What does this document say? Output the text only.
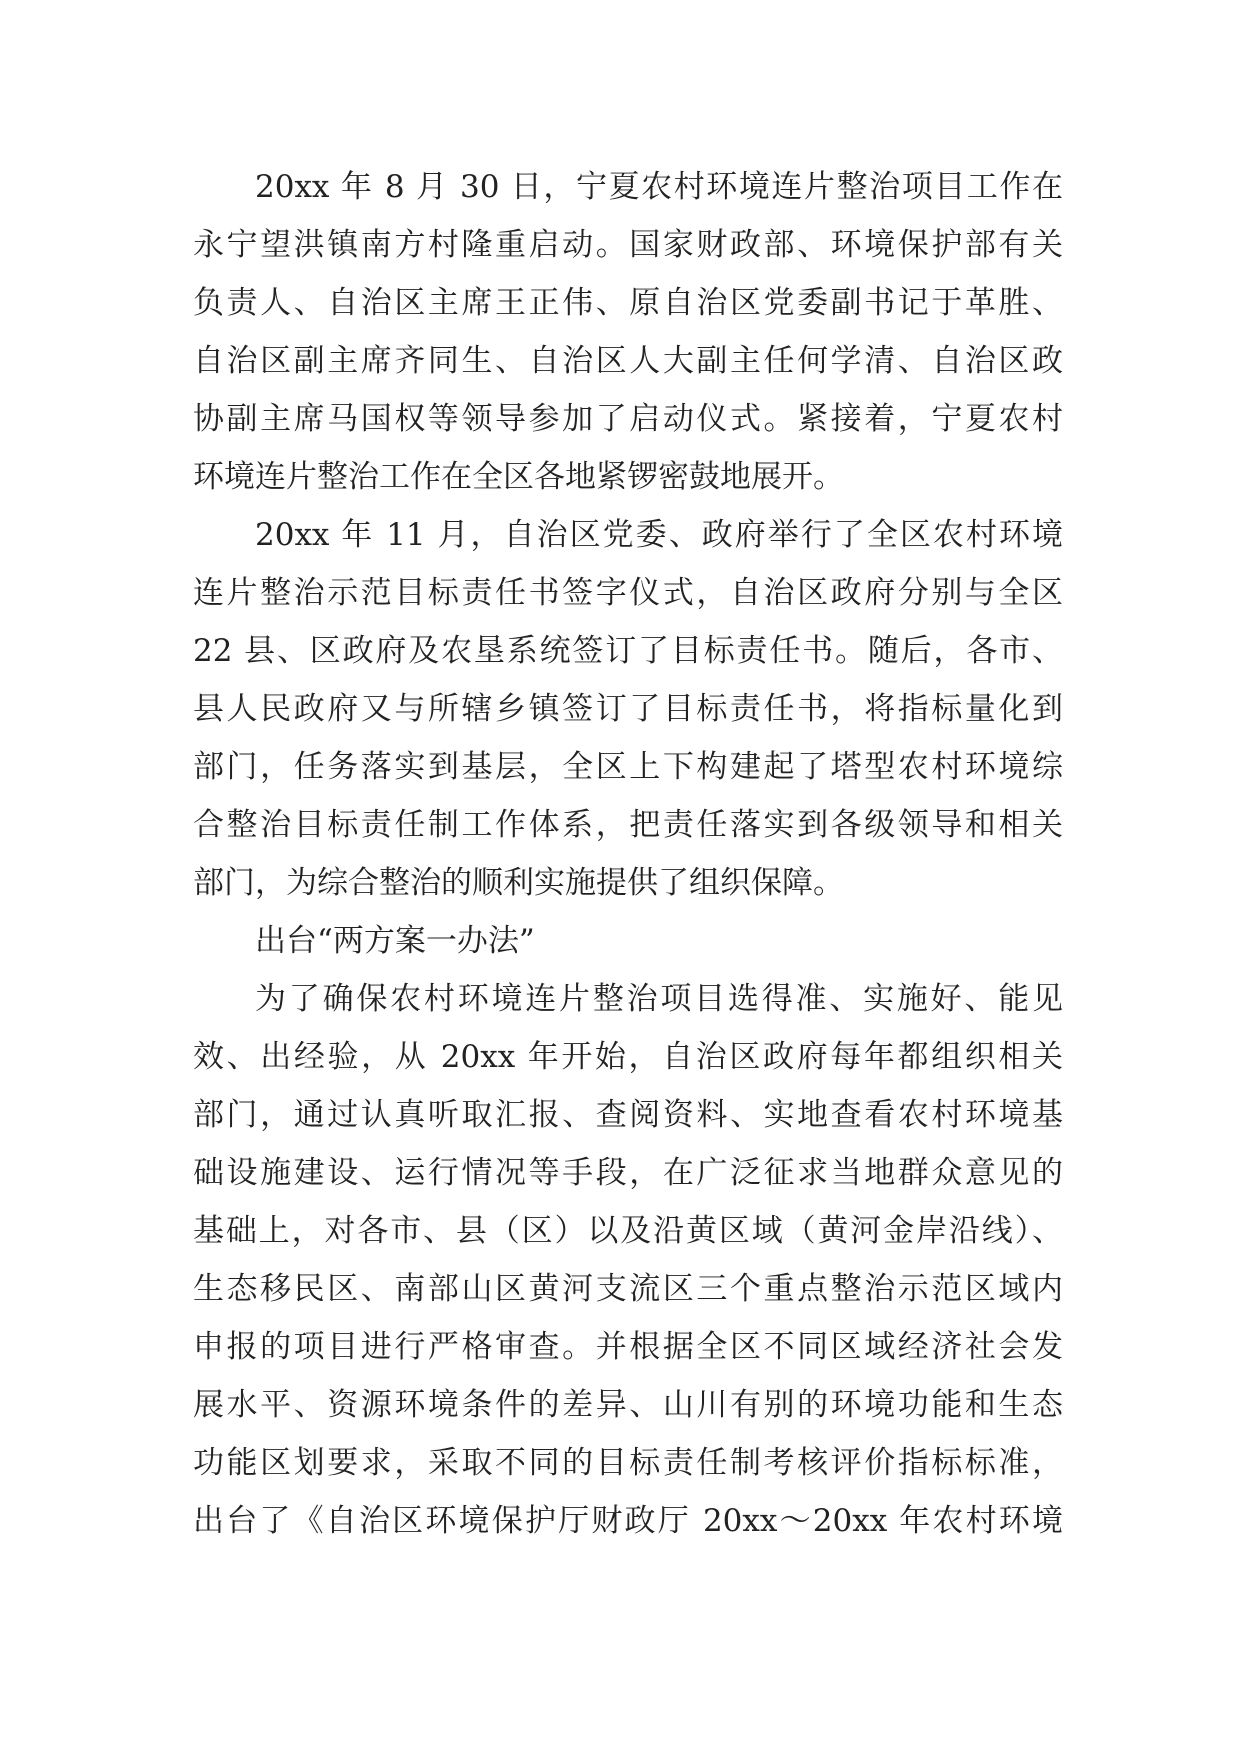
20xx 年 8 月 30 日，宁夏农村环境连片整治项目工作在
永宁望洪镇南方村隆重启动。国家财政部、环境保护部有关
负责人、自治区主席王正伟、原自治区党委副书记于革胜、
自治区副主席齐同生、自治区人大副主任何学清、自治区政
协副主席马国权等领导参加了启动仪式。紧接着，宁夏农村
环境连片整治工作在全区各地紧锣密鼓地展开。
20xx 年 11 月，自治区党委、政府举行了全区农村环境
连片整治示范目标责任书签字仪式，自治区政府分别与全区
22 县、区政府及农垦系统签订了目标责任书。随后，各市、
县人民政府又与所辖乡镇签订了目标责任书，将指标量化到
部门，任务落实到基层，全区上下构建起了塔型农村环境综
合整治目标责任制工作体系，把责任落实到各级领导和相关
部门，为综合整治的顺利实施提供了组织保障。
出台“两方案一办法”
为了确保农村环境连片整治项目选得准、实施好、能见
效、出经验，从 20xx 年开始，自治区政府每年都组织相关
部门，通过认真听取汇报、查阅资料、实地查看农村环境基
础设施建设、运行情况等手段，在广泛征求当地群众意见的
基础上，对各市、县（区）以及沿黄区域（黄河金岸沿线）、
生态移民区、南部山区黄河支流区三个重点整治示范区域内
申报的项目进行严格审查。并根据全区不同区域经济社会发
展水平、资源环境条件的差异、山川有别的环境功能和生态
功能区划要求，采取不同的目标责任制考核评价指标标准，
出台了《自治区环境保护厅财政厅 20xx～20xx 年农村环境
